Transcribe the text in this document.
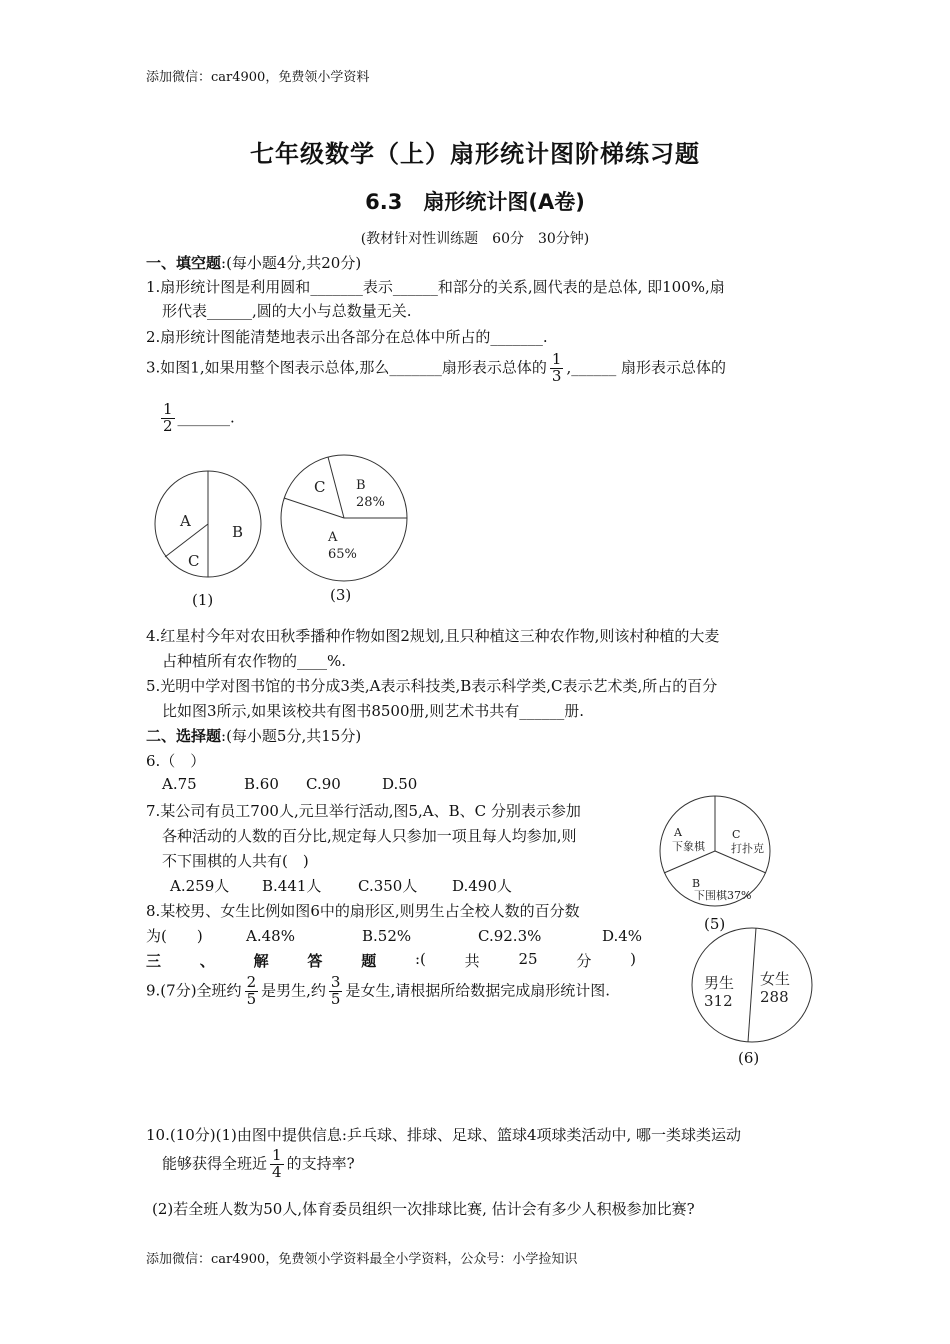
添加微信：car4900，免费领小学资料
添加微信：car4900，免费领小学资料最全小学资料，公众号：小学捡知识
七年级数学（上）扇形统计图阶梯练习题
6.3　扇形统计图(A卷)
(教材针对性训练题　60分　30分钟)
一、填空题:(每小题4分,共20分)
1.扇形统计图是利用圆和_______表示______和部分的关系,圆代表的是总体, 即100%,扇
形代表______,圆的大小与总数量无关.
2.扇形统计图能清楚地表示出各部分在总体中所占的_______.
3.如图1,如果用整个图表示总体,那么_______扇形表示总体的 $\frac{1}{3}$ ,______ 扇形表示总体的
$\frac{1}{2}$ _______.
A
B
C
(1)
C B
28%
A
65%
(3)
4.红星村今年对农田秋季播种作物如图2规划,且只种植这三种农作物,则该村种植的大麦
占种植所有农作物的____%.
5.光明中学对图书馆的书分成3类,A表示科技类,B表示科学类,C表示艺术类,所占的百分
比如图3所示,如果该校共有图书8500册,则艺术书共有______册.
二、选择题:(每小题5分,共15分)
6.（　）
A.75	B.60 C.90	D.50
7.某公司有员工700人,元旦举行活动,图5,A、B、C 分别表示参加
各种活动的人数的百分比,规定每人只参加一项且每人均参加,则
不下围棋的人共有(　)
A.259人 B.441人 C.350人 D.490人
8.某校男、女生比例如图6中的扇形区,则男生占全校人数的百分数
为(　　)	A.48%	B.52%	C.92.3%	D.4%
A
下象棋
C
打扑克
B
下围棋37%
(5)
三	、	解	答	题	:(	共	25	分	)
9.(7分)全班约 $\frac{2}{5}$ 是男生,约 $\frac{3}{5}$ 是女生,请根据所给数据完成扇形统计图.	男生
312
女生
288
(6)
10.(10分)(1)由图中提供信息:乒乓球、排球、足球、篮球4项球类活动中, 哪一类球类运动
能够获得全班近 $\frac{1}{4}$ 的支持率?
(2)若全班人数为50人,体育委员组织一次排球比赛, 估计会有多少人积极参加比赛?
